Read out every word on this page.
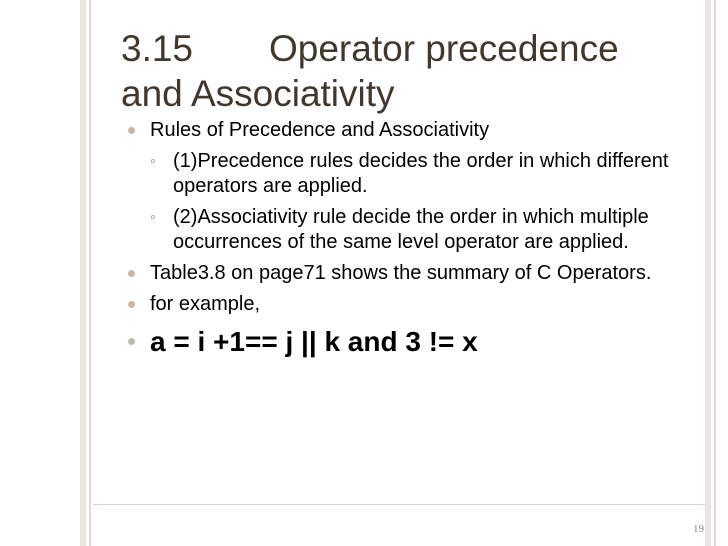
3.15 Operator precedence
and Associativity
Rules of Precedence and Associativity
◦ (1)Precedence rules decides the order in which different operators are applied.
◦ (2)Associativity rule decide the order in which multiple occurrences of the same level operator are applied.
Table3.8 on page71 shows the summary of C Operators.
for example,
a = i +1== j || k and 3 != x
19
